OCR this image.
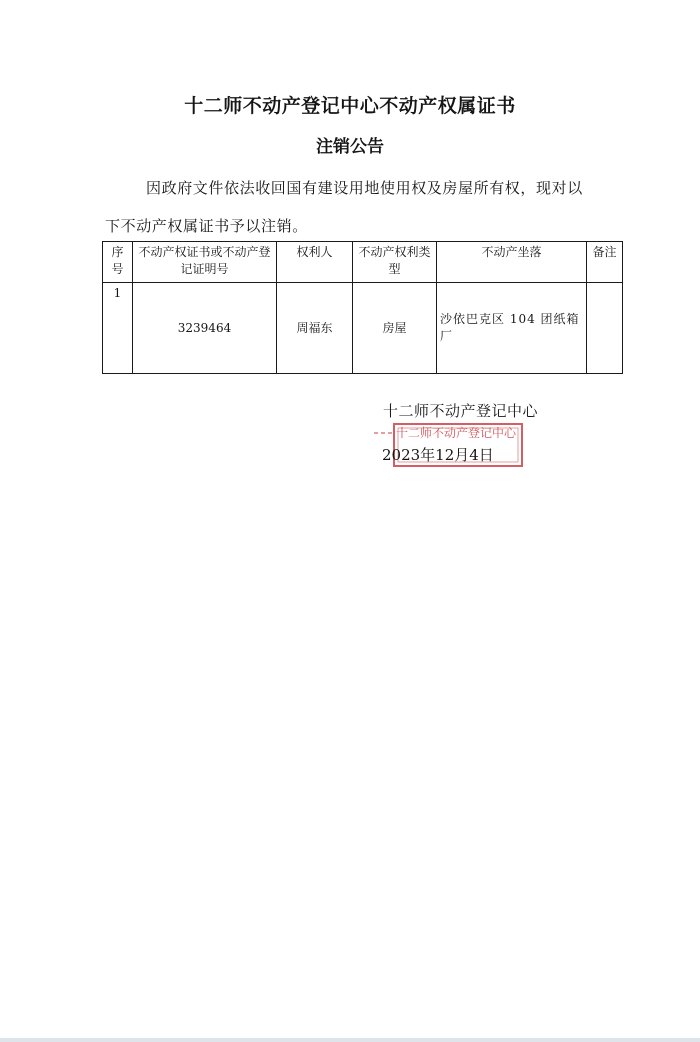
十二师不动产登记中心不动产权属证书
注销公告
因政府文件依法收回国有建设用地使用权及房屋所有权，现对以
下不动产权属证书予以注销。
序号	不动产权证书或不动产登记证明号	权利人	不动产权利类型	不动产坐落	备注
1	3239464	周福东	房屋	沙依巴克区 104 团纸箱厂	
十二师不动产登记中心
十二师不动产登记中心
2023年12月4日
